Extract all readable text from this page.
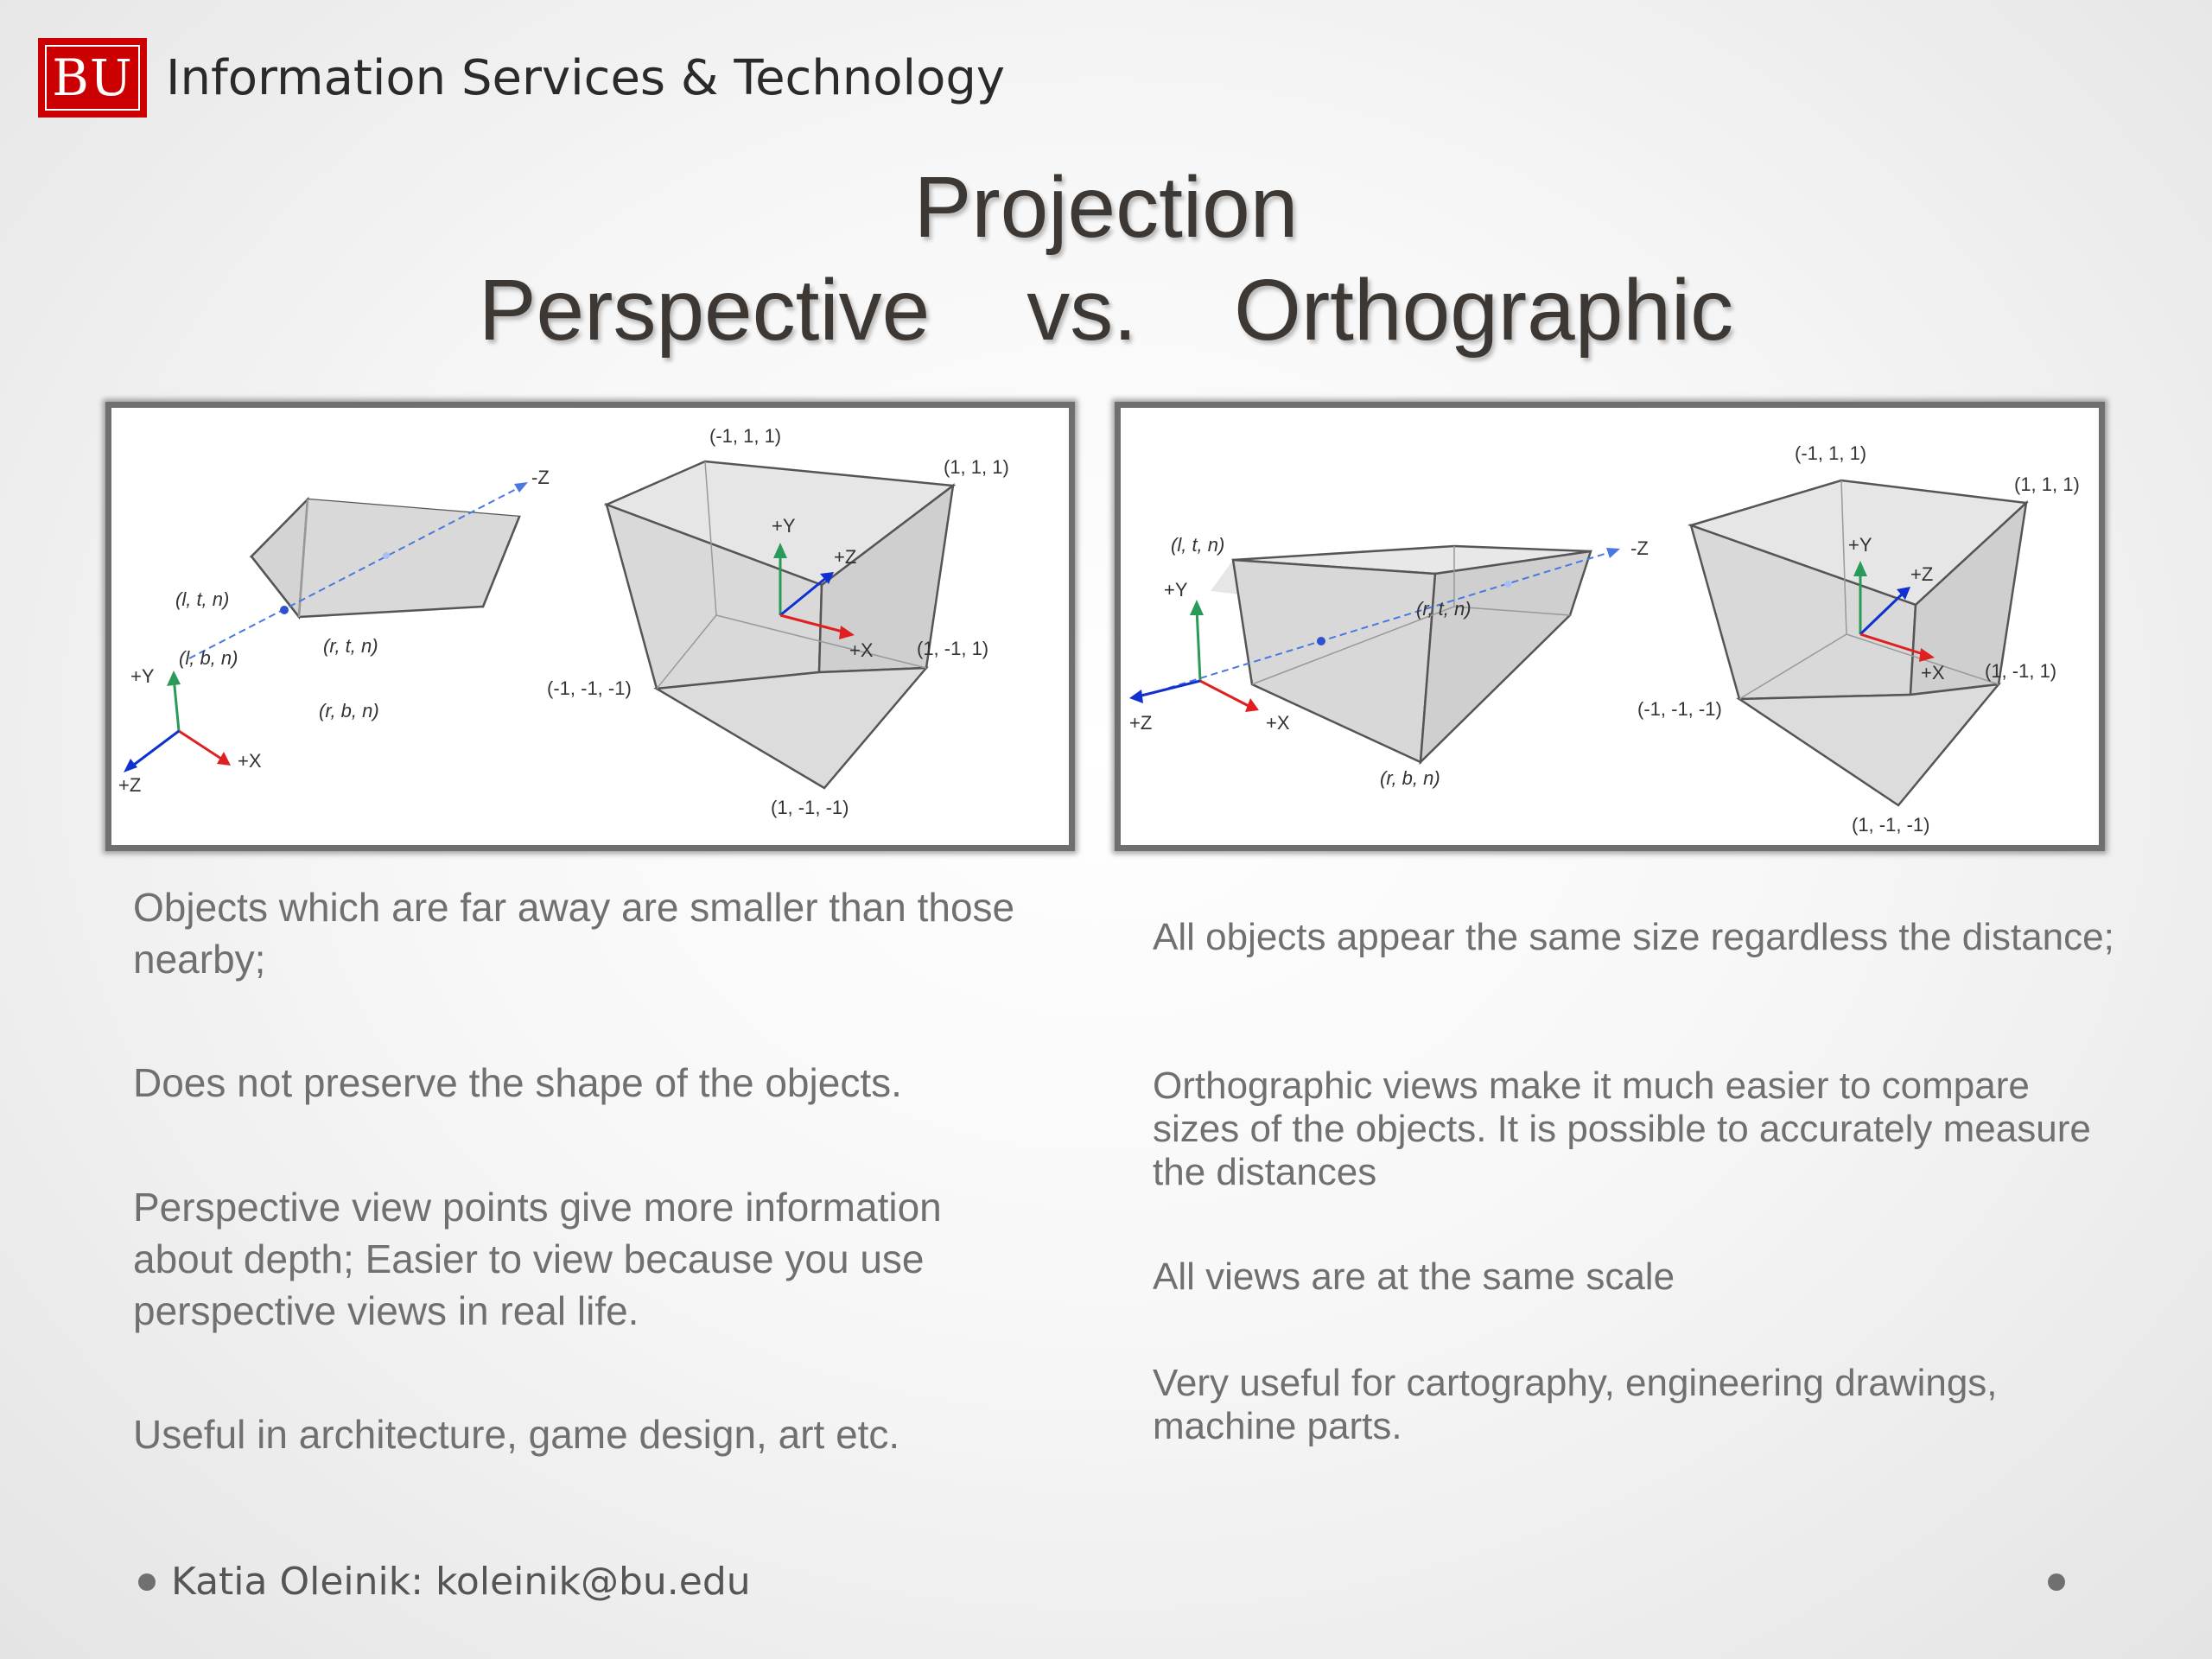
BU Information Services & Technology
Projection
Perspective vs. Orthographic
-Z
(l, t, n)
(l, b, n)
(r, t, n)
(r, b, n)
+Y
+X
+Z
(-1, 1, 1)
(1, 1, 1)
+Y
+Z
+X (1, -1, 1)
(-1, -1, -1)
(1, -1, -1)
(l, t, n)	-Z
+Y
(r, t, n)
+Z	+X
(r, b, n)
(-1, 1, 1)
(1, 1, 1)
+Y
+Z
+X (1, -1, 1)
(-1, -1, -1)
(1, -1, -1)
Objects which are far away are smaller than those nearby;
Does not preserve the shape of the objects.
Perspective view points give more information about depth; Easier to view because you use perspective views in real life.
Useful in architecture, game design, art etc.
All objects appear the same size regardless the distance;
Orthographic views make it much easier to compare sizes of the objects. It is possible to accurately measure the distances
All views are at the same scale
Very useful for cartography, engineering drawings, machine parts.
Katia Oleinik: koleinik@bu.edu
